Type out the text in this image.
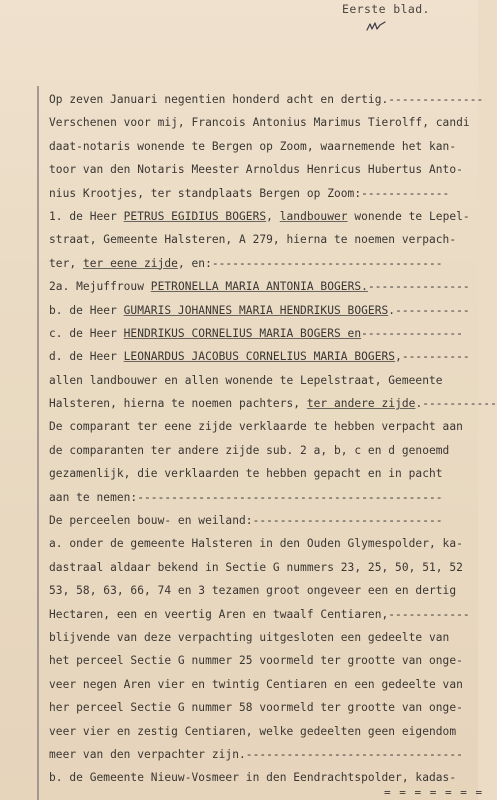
Eerste blad.
Op zeven Januari negentien honderd acht en dertig.--------------
Verschenen voor mij, Francois Antonius Marimus Tierolff, candi
daat-notaris wonende te Bergen op Zoom, waarnemende het kan-
toor van den Notaris Meester Arnoldus Henricus Hubertus Anto-
nius Krootjes, ter standplaats Bergen op Zoom:-------------
1. de Heer PETRUS EGIDIUS BOGERS, landbouwer wonende te Lepel-
straat, Gemeente Halsteren, A 279, hierna te noemen verpach-
ter, ter eene zijde, en:----------------------------------
2a. Mejuffrouw PETRONELLA MARIA ANTONIA BOGERS.---------------
b. de Heer GUMARIS JOHANNES MARIA HENDRIKUS BOGERS.-----------
c. de Heer HENDRIKUS CORNELIUS MARIA BOGERS en---------------
d. de Heer LEONARDUS JACOBUS CORNELIUS MARIA BOGERS,----------
allen landbouwer en allen wonende te Lepelstraat, Gemeente
Halsteren, hierna te noemen pachters, ter andere zijde.-----------
De comparant ter eene zijde verklaarde te hebben verpacht aan
de comparanten ter andere zijde sub. 2 a, b, c en d genoemd
gezamenlijk, die verklaarden te hebben gepacht en in pacht
aan te nemen:---------------------------------------------
De perceelen bouw- en weiland:----------------------------
a. onder de gemeente Halsteren in den Ouden Glymespolder, ka-
dastraal aldaar bekend in Sectie G nummers 23, 25, 50, 51, 52
53, 58, 63, 66, 74 en 3 tezamen groot ongeveer een en dertig
Hectaren, een en veertig Aren en twaalf Centiaren,------------
blijvende van deze verpachting uitgesloten een gedeelte van
het perceel Sectie G nummer 25 voormeld ter grootte van onge-
veer negen Aren vier en twintig Centiaren en een gedeelte van
her perceel Sectie G nummer 58 voormeld ter grootte van onge-
veer vier en zestig Centiaren, welke gedeelten geen eigendom
meer van den verpachter zijn.--------------------------------
b. de Gemeente Nieuw-Vosmeer in den Eendrachtspolder, kadas-
= = = = = = =
